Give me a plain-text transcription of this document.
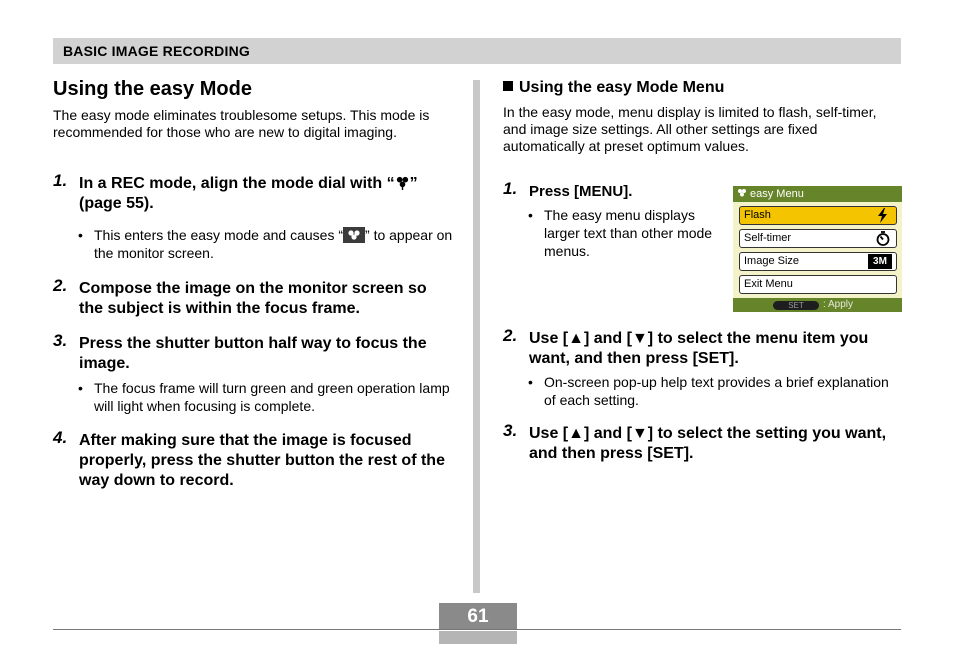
BASIC IMAGE RECORDING
Using the easy Mode
The easy mode eliminates troublesome setups. This mode is recommended for those who are new to digital imaging.
1. In a REC mode, align the mode dial with “ ” (page 55).
• This enters the easy mode and causes “ ” to appear on the monitor screen.
2. Compose the image on the monitor screen so the subject is within the focus frame.
3. Press the shutter button half way to focus the image.
• The focus frame will turn green and green operation lamp will light when focusing is complete.
4. After making sure that the image is focused properly, press the shutter button the rest of the way down to record.
Using the easy Mode Menu
In the easy mode, menu display is limited to flash, self-timer, and image size settings. All other settings are fixed automatically at preset optimum values.
1. Press [MENU].
• The easy menu displays larger text than other mode menus.
2. Use [▲] and [▼] to select the menu item you want, and then press [SET].
• On-screen pop-up help text provides a brief explanation of each setting.
3. Use [▲] and [▼] to select the setting you want, and then press [SET].
easy Menu
Flash
Self-timer
Image Size	3M
Exit Menu
SET	: Apply
61
